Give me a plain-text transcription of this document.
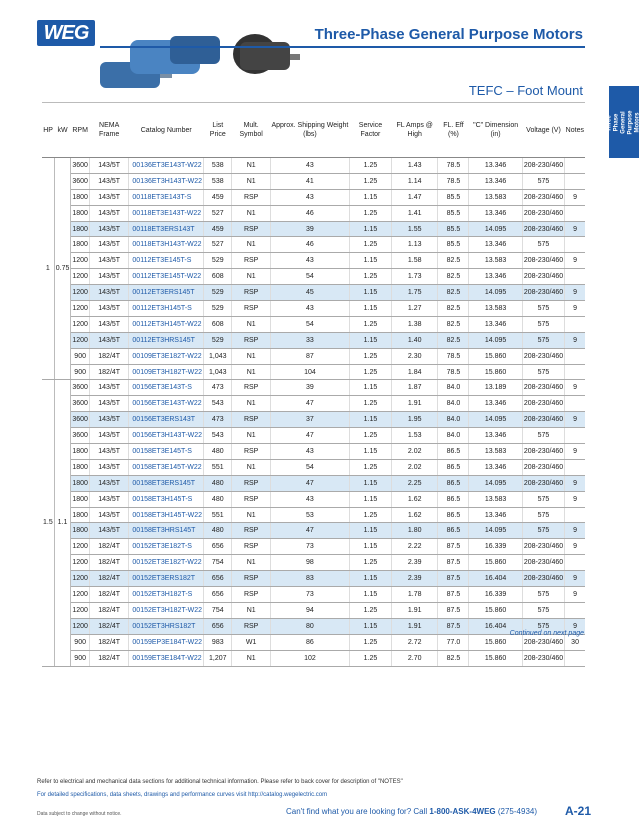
WEG	Three-Phase General Purpose Motors
TEFC – Foot Mount
Three-Phase General Purpose Motors
HP	kW	RPM	NEMA Frame	Catalog Number	List Price	Mult. Symbol	Approx. Shipping Weight (lbs)	Service Factor	FL Amps @ High	FL. Eff (%)	"C" Dimension (in)	Voltage (V)	Notes
1	0.75	3600	143/5T	00136ET3E143T-W22	538	N1	43	1.25	1.43	78.5	13.346	208-230/460	
		3600	143/5T	00136ET3H143T-W22	538	N1	41	1.25	1.14	78.5	13.346	575	
		1800	143/5T	00118ET3E143T-S	459	RSP	43	1.15	1.47	85.5	13.583	208-230/460	9
		1800	143/5T	00118ET3E143T-W22	527	N1	46	1.25	1.41	85.5	13.346	208-230/460	
		1800	143/5T	00118ET3ERS143T	459	RSP	39	1.15	1.55	85.5	14.095	208-230/460	9
		1800	143/5T	00118ET3H143T-W22	527	N1	46	1.25	1.13	85.5	13.346	575	
		1200	143/5T	00112ET3E145T-S	529	RSP	43	1.15	1.58	82.5	13.583	208-230/460	9
		1200	143/5T	00112ET3E145T-W22	608	N1	54	1.25	1.73	82.5	13.346	208-230/460	
		1200	143/5T	00112ET3ERS145T	529	RSP	45	1.15	1.75	82.5	14.095	208-230/460	9
		1200	143/5T	00112ET3H145T-S	529	RSP	43	1.15	1.27	82.5	13.583	575	9
		1200	143/5T	00112ET3H145T-W22	608	N1	54	1.25	1.38	82.5	13.346	575	
		1200	143/5T	00112ET3HRS145T	529	RSP	33	1.15	1.40	82.5	14.095	575	9
		900	182/4T	00109ET3E182T-W22	1,043	N1	87	1.25	2.30	78.5	15.860	208-230/460	
		900	182/4T	00109ET3H182T-W22	1,043	N1	104	1.25	1.84	78.5	15.860	575	
1.5	1.1	3600	143/5T	00156ET3E143T-S	473	RSP	39	1.15	1.87	84.0	13.189	208-230/460	9
		3600	143/5T	00156ET3E143T-W22	543	N1	47	1.25	1.91	84.0	13.346	208-230/460	
		3600	143/5T	00156ET3ERS143T	473	RSP	37	1.15	1.95	84.0	14.095	208-230/460	9
		3600	143/5T	00156ET3H143T-W22	543	N1	47	1.25	1.53	84.0	13.346	575	
		1800	143/5T	00158ET3E145T-S	480	RSP	43	1.15	2.02	86.5	13.583	208-230/460	9
		1800	143/5T	00158ET3E145T-W22	551	N1	54	1.25	2.02	86.5	13.346	208-230/460	
		1800	143/5T	00158ET3ERS145T	480	RSP	47	1.15	2.25	86.5	14.095	208-230/460	9
		1800	143/5T	00158ET3H145T-S	480	RSP	43	1.15	1.62	86.5	13.583	575	9
		1800	143/5T	00158ET3H145T-W22	551	N1	53	1.25	1.62	86.5	13.346	575	
		1800	143/5T	00158ET3HRS145T	480	RSP	47	1.15	1.80	86.5	14.095	575	9
		1200	182/4T	00152ET3E182T-S	656	RSP	73	1.15	2.22	87.5	16.339	208-230/460	9
		1200	182/4T	00152ET3E182T-W22	754	N1	98	1.25	2.39	87.5	15.860	208-230/460	
		1200	182/4T	00152ET3ERS182T	656	RSP	83	1.15	2.39	87.5	16.404	208-230/460	9
		1200	182/4T	00152ET3H182T-S	656	RSP	73	1.15	1.78	87.5	16.339	575	9
		1200	182/4T	00152ET3H182T-W22	754	N1	94	1.25	1.91	87.5	15.860	575	
		1200	182/4T	00152ET3HRS182T	656	RSP	80	1.15	1.91	87.5	16.404	575	9
		900	182/4T	00159EP3E184T-W22	983	W1	86	1.25	2.72	77.0	15.860	208-230/460	30
		900	182/4T	00159ET3E184T-W22	1,207	N1	102	1.25	2.70	82.5	15.860	208-230/460	
Continued on next page
Refer to electrical and mechanical data sections for additional technical information. Please refer to back cover for description of "NOTES"
For detailed specifications, data sheets, drawings and performance curves visit http://catalog.wegelectric.com
Data subject to change without notice.	Can't find what you are looking for? Call 1-800-ASK-4WEG (275-4934) A-21
